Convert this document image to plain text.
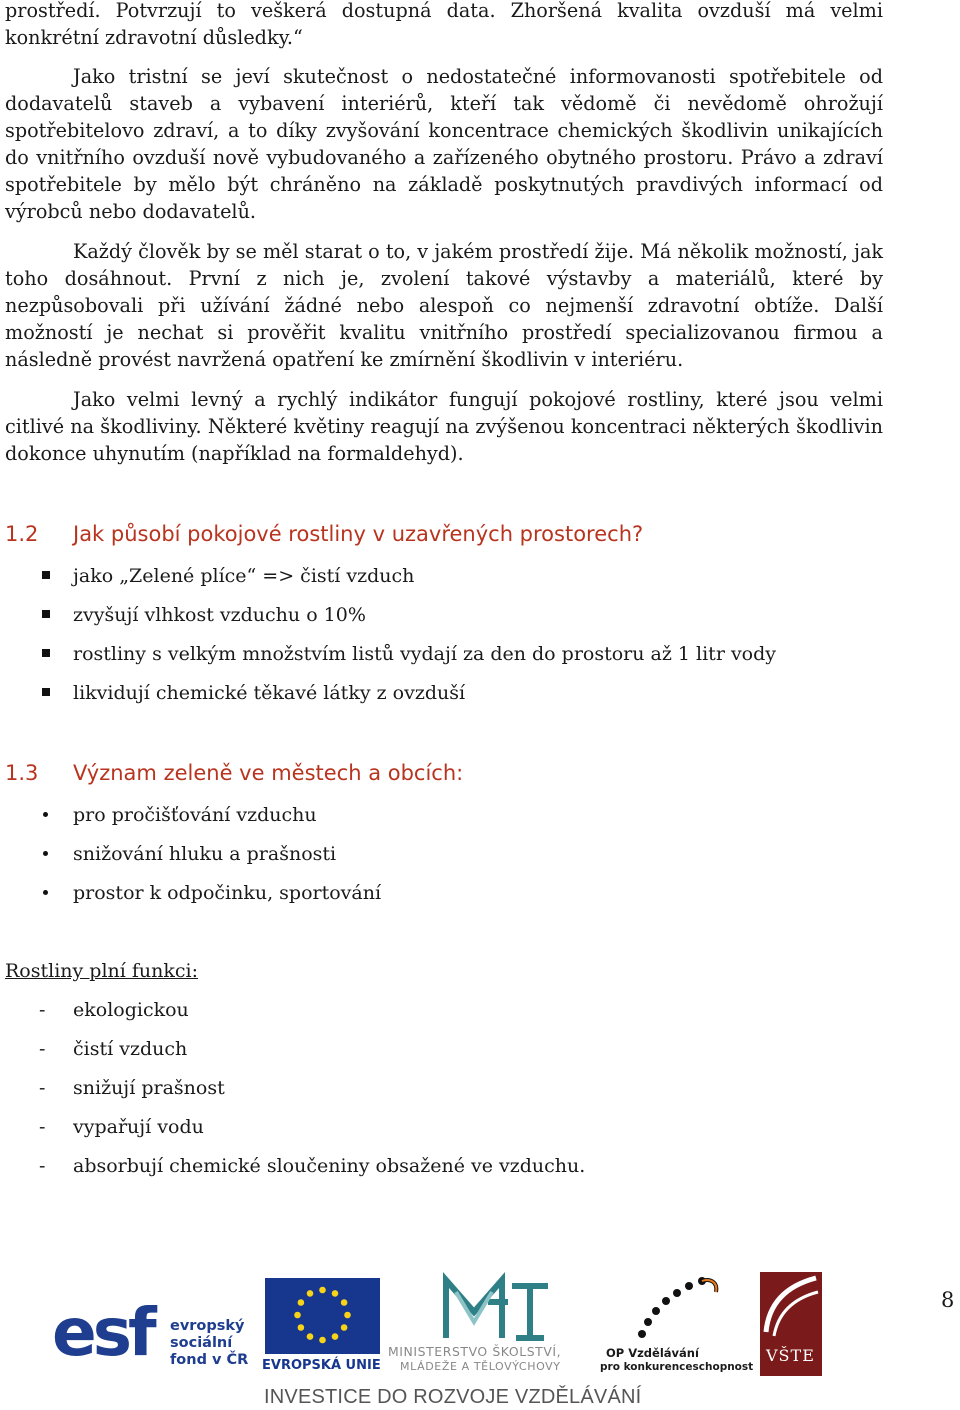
prostředí. Potvrzují to veškerá dostupná data. Zhoršená kvalita ovzduší má velmi konkrétní zdravotní důsledky.“

Jako tristní se jeví skutečnost o nedostatečné informovanosti spotřebitele od dodavatelů staveb a vybavení interiérů, kteří tak vědomě či nevědomě ohrožují spotřebitelovo zdraví, a to díky zvyšování koncentrace chemických škodlivin unikajících do vnitřního ovzduší nově vybudovaného a zařízeného obytného prostoru. Právo a zdraví spotřebitele by mělo být chráněno na základě poskytnutých pravdivých informací od výrobců nebo dodavatelů.

Každý člověk by se měl starat o to, v jakém prostředí žije. Má několik možností, jak toho dosáhnout. První z nich je, zvolení takové výstavby a materiálů, které by nezpůsobovali při užívání žádné nebo alespoň co nejmenší zdravotní obtíže. Další možností je nechat si prověřit kvalitu vnitřního prostředí specializovanou firmou a následně provést navržená opatření ke zmírnění škodlivin v interiéru.

Jako velmi levný a rychlý indikátor fungují pokojové rostliny, které jsou velmi citlivé na škodliviny. Některé květiny reagují na zvýšenou koncentraci některých škodlivin dokonce uhynutím (například na formaldehyd).

1.2 Jak působí pokojové rostliny v uzavřených prostorech?
jako „Zelené plíce“ => čistí vzduch
zvyšují vlhkost vzduchu o 10%
rostliny s velkým množstvím listů vydají za den do prostoru až 1 litr vody
likvidují chemické těkavé látky z ovzduší
1.3 Význam zeleně ve městech a obcích:
pro pročišťování vzduchu
snižování hluku a prašnosti
prostor k odpočinku, sportování
Rostliny plní funkci:
-	ekologickou
-	čistí vzduch
-	snižují prašnost
-	vypařují vodu
-	absorbují chemické sloučeniny obsažené ve vzduchu.
esf evropský
sociální
fond v ČR EVROPSKÁ UNIE
MINISTERSTVO ŠKOLSTVÍ,
MLÁDEŽE A TĚLOVÝCHOVY
OP Vzdělávání
pro konkurenceschopnost
VŠTE
INVESTICE DO ROZVOJE VZDĚLÁVÁNÍ
8
